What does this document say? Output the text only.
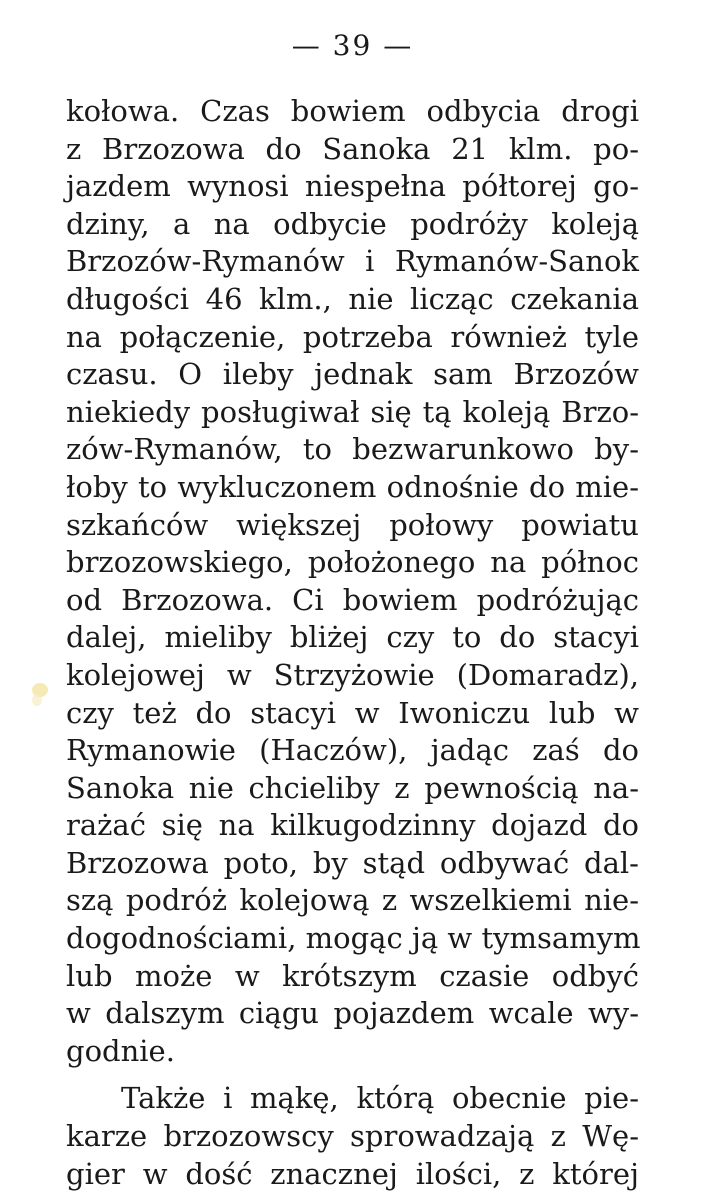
— 39 —
kołowa. Czas bowiem odbycia drogi
z Brzozowa do Sanoka 21 klm. po-
jazdem wynosi niespełna półtorej go-
dziny, a na odbycie podróży koleją
Brzozów-Rymanów i Rymanów-Sanok
długości 46 klm., nie licząc czekania
na połączenie, potrzeba również tyle
czasu. O ileby jednak sam Brzozów
niekiedy posługiwał się tą koleją Brzo-
zów-Rymanów, to bezwarunkowo by-
łoby to wykluczonem odnośnie do mie-
szkańców większej połowy powiatu
brzozowskiego, położonego na północ
od Brzozowa. Ci bowiem podróżując
dalej, mieliby bliżej czy to do stacyi
kolejowej w Strzyżowie (Domaradz),
czy też do stacyi w Iwoniczu lub w
Rymanowie (Haczów), jadąc zaś do
Sanoka nie chcieliby z pewnością na-
rażać się na kilkugodzinny dojazd do
Brzozowa poto, by stąd odbywać dal-
szą podróż kolejową z wszelkiemi nie-
dogodnościami, mogąc ją w tymsamym
lub może w krótszym czasie odbyć
w dalszym ciągu pojazdem wcale wy-
godnie.
Także i mąkę, którą obecnie pie-
karze brzozowscy sprowadzają z Wę-
gier w dość znacznej ilości, z której
